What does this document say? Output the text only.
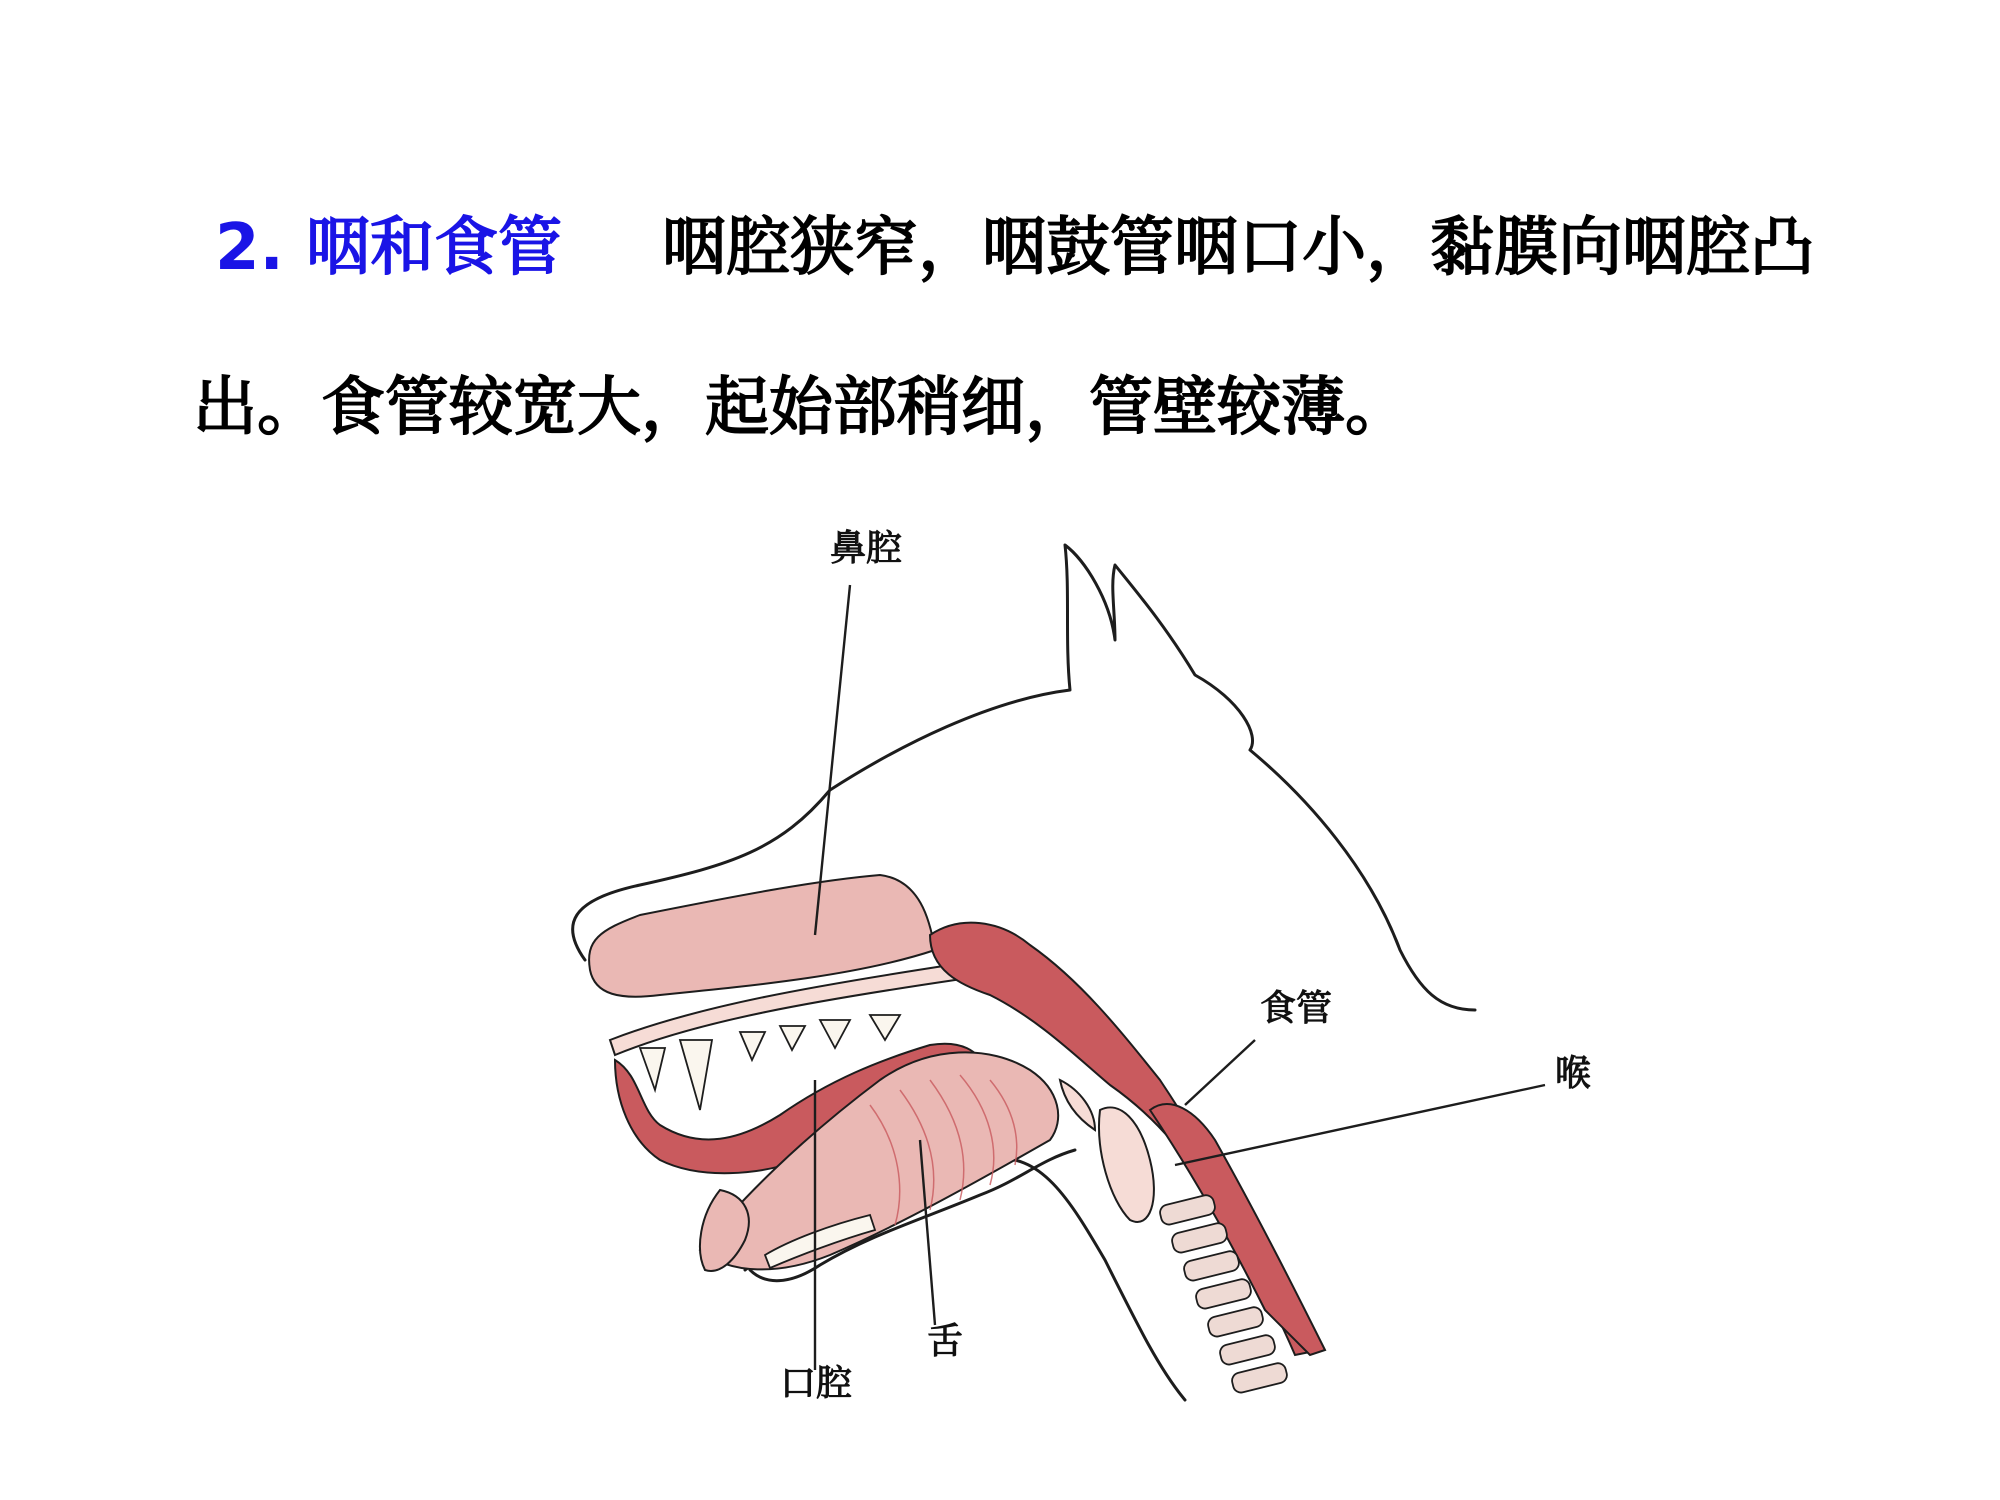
2. 咽和食管 咽腔狭窄，咽鼓管咽口小，黏膜向咽腔凸
出。食管较宽大，起始部稍细，管壁较薄。
鼻腔
食管
喉
舌
口腔
